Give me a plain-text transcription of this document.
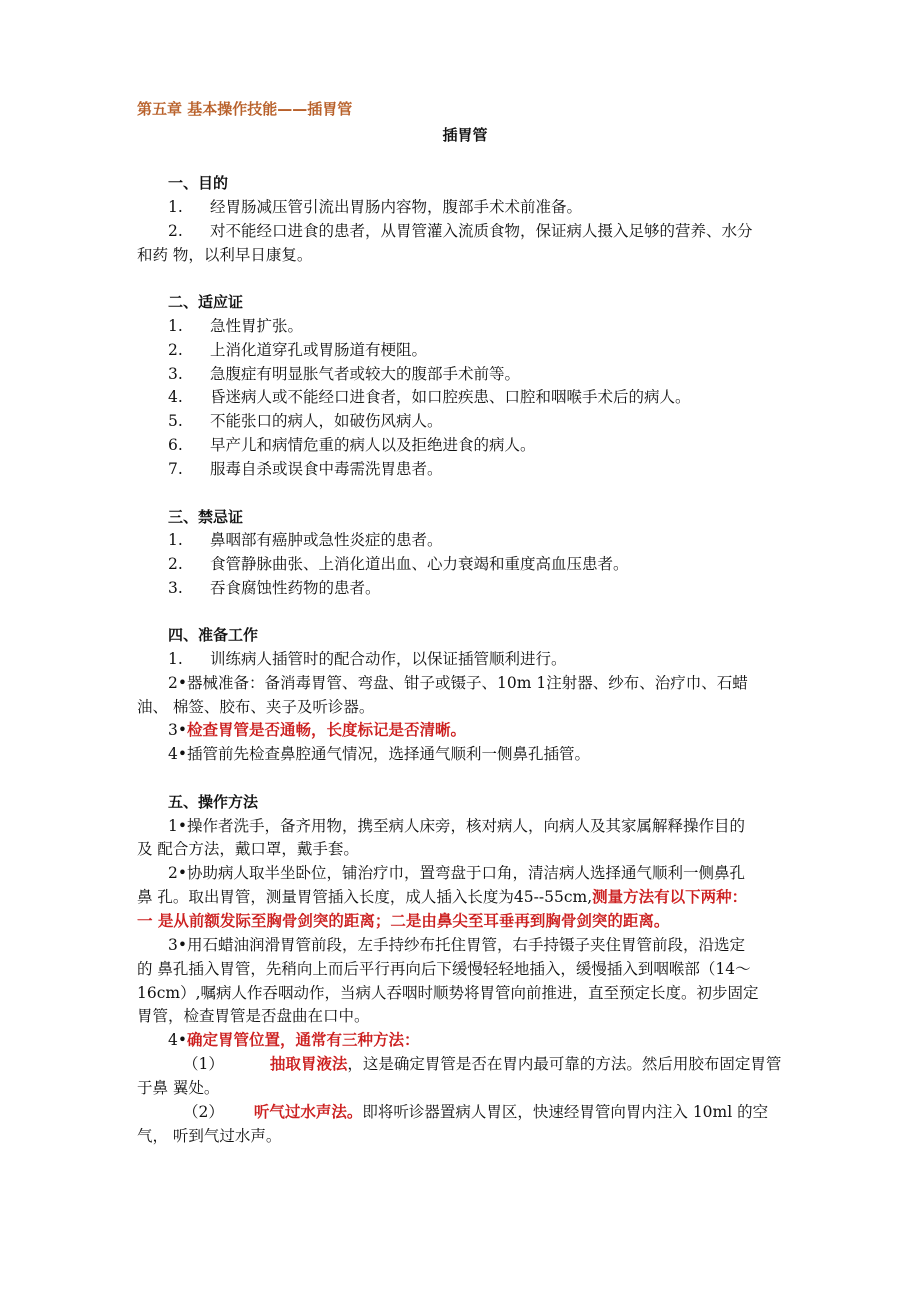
第五章 基本操作技能——插胃管
插胃管
一、目的
1. 经胃肠减压管引流出胃肠内容物，腹部手术术前准备。
2. 对不能经口进食的患者，从胃管灌入流质食物，保证病人摄入足够的营养、水分
和药 物，以利早日康复。
二、适应证
1. 急性胃扩张。
2. 上消化道穿孔或胃肠道有梗阻。
3. 急腹症有明显胀气者或较大的腹部手术前等。
4. 昏迷病人或不能经口进食者，如口腔疾患、口腔和咽喉手术后的病人。
5. 不能张口的病人，如破伤风病人。
6. 早产儿和病情危重的病人以及拒绝进食的病人。
7. 服毒自杀或误食中毒需洗胃患者。
三、禁忌证
1. 鼻咽部有癌肿或急性炎症的患者。
2. 食管静脉曲张、上消化道出血、心力衰竭和重度高血压患者。
3. 吞食腐蚀性药物的患者。
四、准备工作
1. 训练病人插管时的配合动作，以保证插管顺利进行。
2•器械准备：备消毒胃管、弯盘、钳子或镊子、10m 1注射器、纱布、治疗巾、石蜡
油、 棉签、胶布、夹子及听诊器。
3•检查胃管是否通畅，长度标记是否清晰。
4•插管前先检查鼻腔通气情况，选择通气顺利一侧鼻孔插管。
五、操作方法
1•操作者洗手，备齐用物，携至病人床旁，核对病人，向病人及其家属解释操作目的
及 配合方法，戴口罩，戴手套。
2•协助病人取半坐卧位，铺治疗巾，置弯盘于口角，清洁病人选择通气顺利一侧鼻孔
鼻 孔。取出胃管，测量胃管插入长度，成人插入长度为45--55cm,测量方法有以下两种：
一 是从前额发际至胸骨剑突的距离；二是由鼻尖至耳垂再到胸骨剑突的距离。
3•用石蜡油润滑胃管前段，左手持纱布托住胃管，右手持镊子夹住胃管前段，沿选定
的 鼻孔插入胃管，先稍向上而后平行再向后下缓慢轻轻地插入，缓慢插入到咽喉部（14～
16cm）,嘱病人作吞咽动作，当病人吞咽时顺势将胃管向前推进，直至预定长度。初步固定
胃管，检查胃管是否盘曲在口中。
4•确定胃管位置，通常有三种方法：
（1）	抽取胃液法，这是确定胃管是否在胃内最可靠的方法。然后用胶布固定胃管
于鼻 翼处。
（2） 听气过水声法。即将听诊器置病人胃区，快速经胃管向胃内注入 10ml 的空
气， 听到气过水声。
